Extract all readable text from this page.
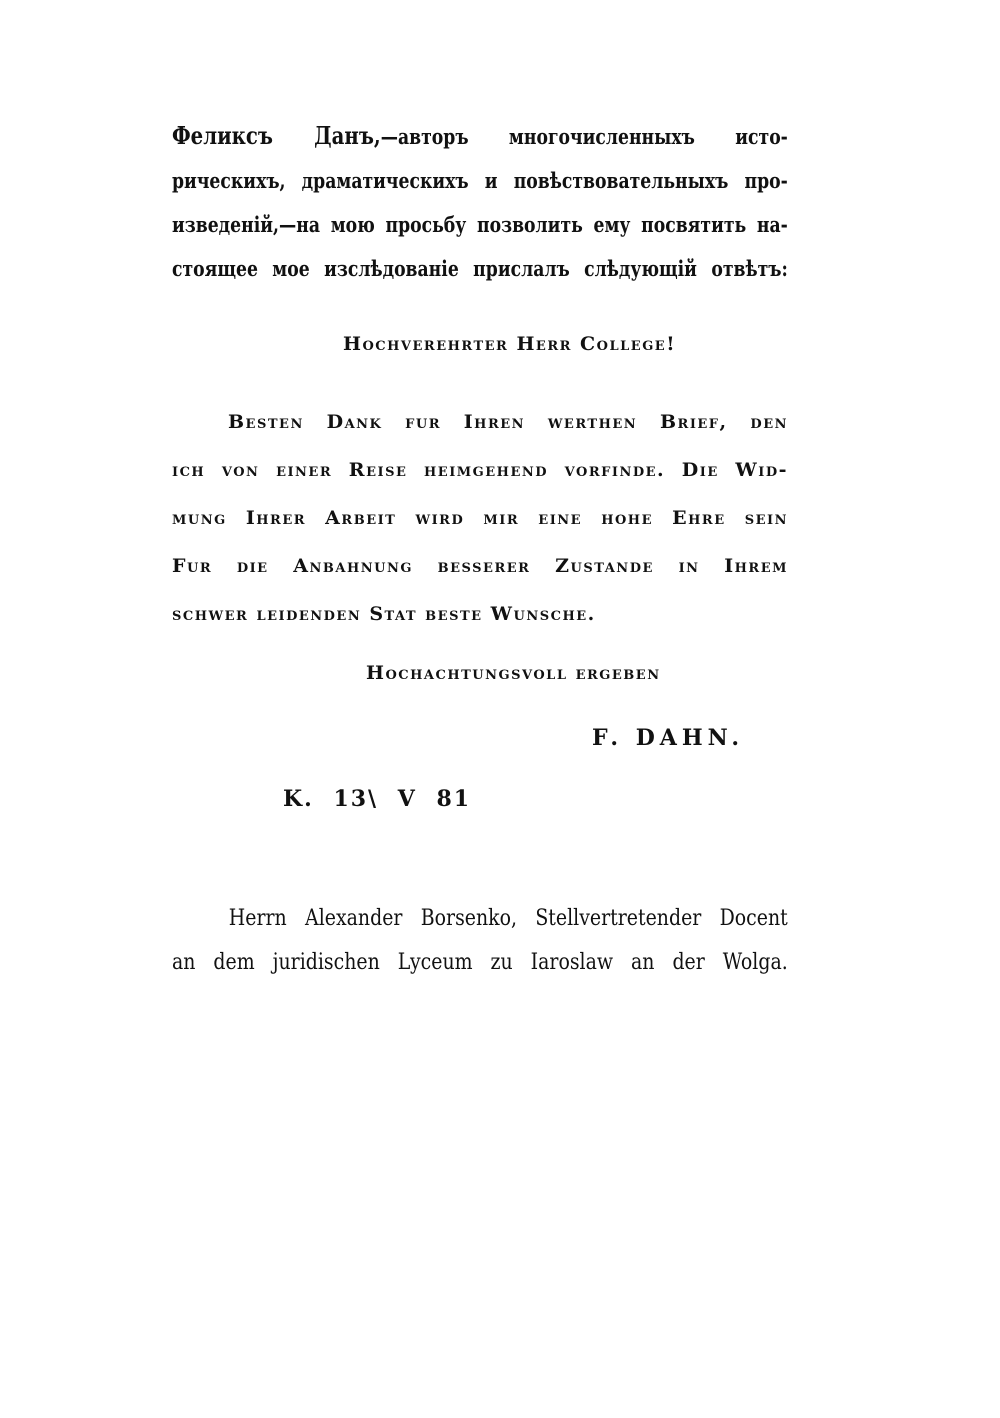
Феликсъ Данъ,—авторъ многочисленныхъ исто-
рическихъ, драматическихъ и повѣствовательныхъ про-
изведеній,—на мою просьбу позволить ему посвятить на-
стоящее мое изслѣдованіе прислалъ слѣдующій отвѣтъ:
Hochverehrter Herr College!
Besten Dank fur Ihren werthen Brief, den
ich von einer Reise heimgehend vorfinde. Die Wid-
mung Ihrer Arbeit wird mir eine hohe Ehre sein
Fur die Anbahnung besserer Zustande in Ihrem
schwer leidenden Stat beste Wunsche.
Hochachtungsvoll ergeben
F. DAHN.
K. 13\ V 81
Herrn Alexander Borsenko, Stellvertretender Docent
an dem juridischen Lyceum zu Iaroslaw an der Wolga.
